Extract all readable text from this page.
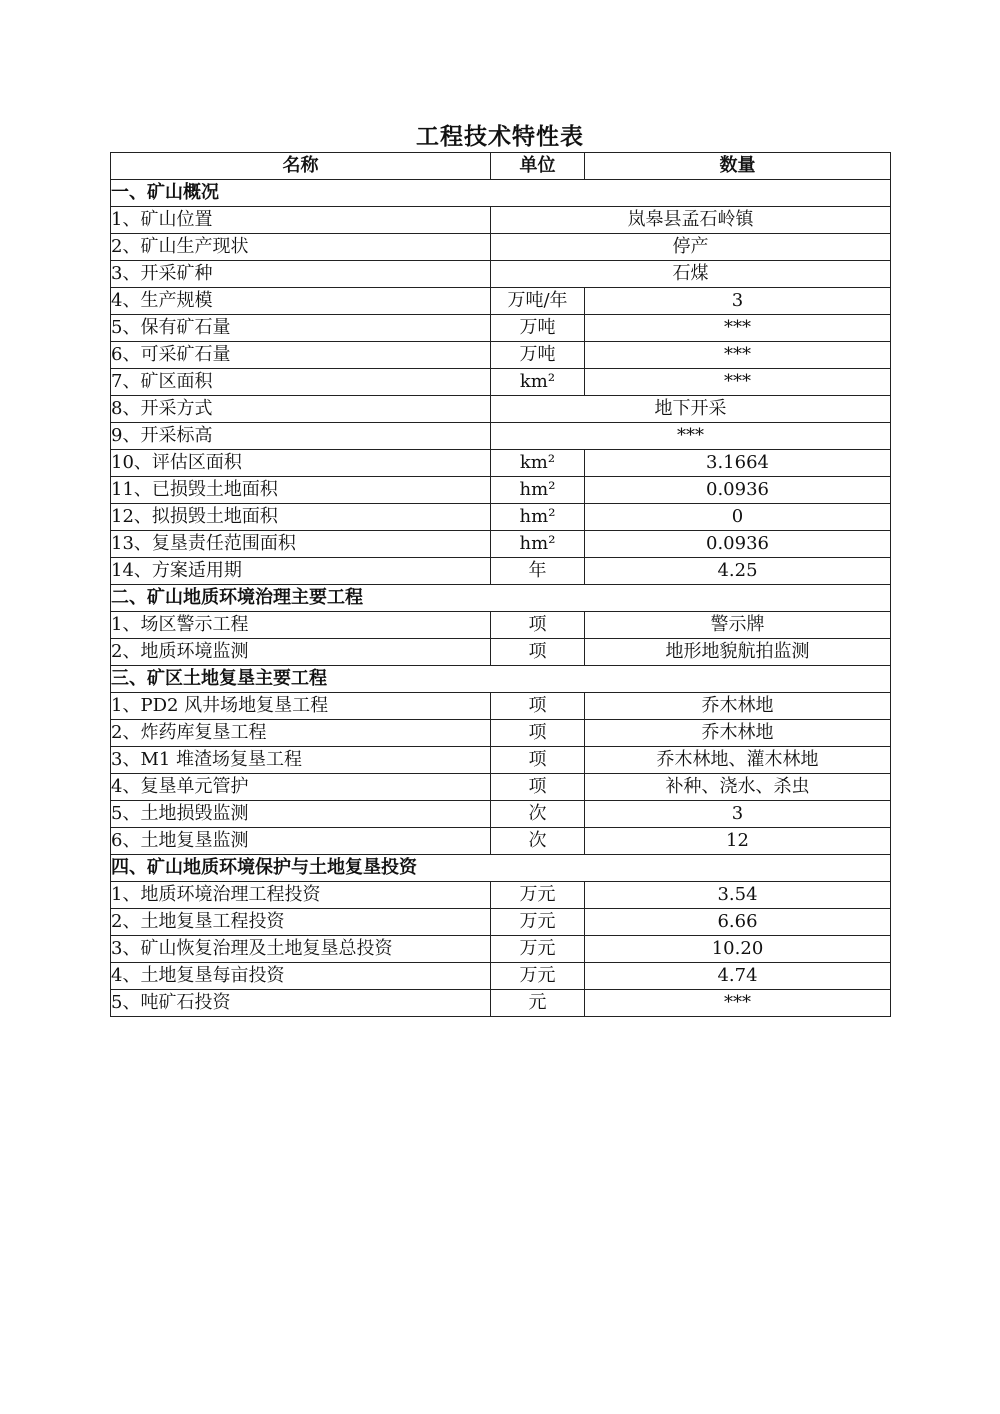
工程技术特性表
名称	单位	数量
一、矿山概况		
1、矿山位置	岚皋县孟石岭镇	
2、矿山生产现状	停产	
3、开采矿种	石煤	
4、生产规模	万吨/年	3
5、保有矿石量	万吨	***
6、可采矿石量	万吨	***
7、矿区面积	km²	***
8、开采方式	地下开采	
9、开采标高	***	
10、评估区面积	km²	3.1664
11、已损毁土地面积	hm²	0.0936
12、拟损毁土地面积	hm²	0
13、复垦责任范围面积	hm²	0.0936
14、方案适用期	年	4.25
二、矿山地质环境治理主要工程		
1、场区警示工程	项	警示牌
2、地质环境监测	项	地形地貌航拍监测
三、矿区土地复垦主要工程		
1、PD2 风井场地复垦工程	项	乔木林地
2、炸药库复垦工程	项	乔木林地
3、M1 堆渣场复垦工程	项	乔木林地、灌木林地
4、复垦单元管护	项	补种、浇水、杀虫
5、土地损毁监测	次	3
6、土地复垦监测	次	12
四、矿山地质环境保护与土地复垦投资		
1、地质环境治理工程投资	万元	3.54
2、土地复垦工程投资	万元	6.66
3、矿山恢复治理及土地复垦总投资	万元	10.20
4、土地复垦每亩投资	万元	4.74
5、吨矿石投资	元	***
